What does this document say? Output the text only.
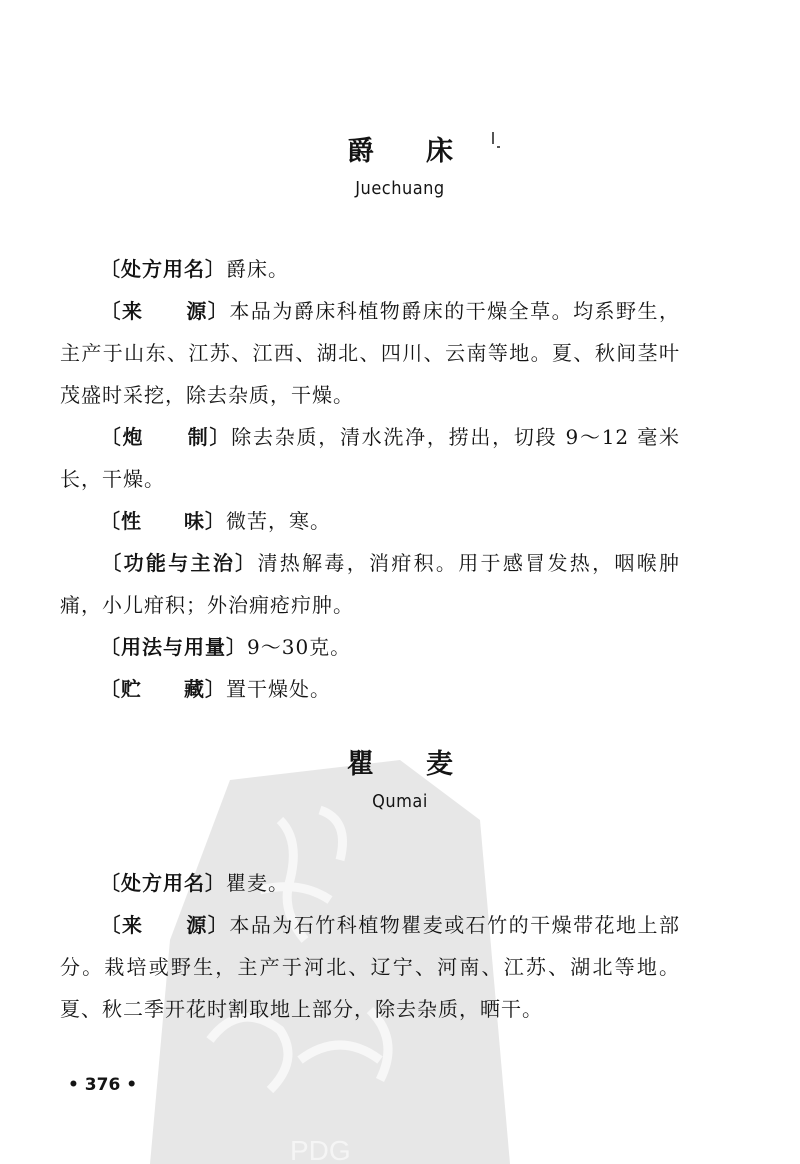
PDG
爵床
Juechuang
〔处方用名〕爵床。
〔来　　源〕本品为爵床科植物爵床的干燥全草。均系野生，主产于山东、江苏、江西、湖北、四川、云南等地。夏、秋间茎叶茂盛时采挖，除去杂质，干燥。
〔炮　　制〕除去杂质，清水洗净，捞出，切段 9～12 毫米长，干燥。
〔性　　味〕微苦，寒。
〔功能与主治〕清热解毒，消疳积。用于感冒发热，咽喉肿痛，小儿疳积；外治痈疮疖肿。
〔用法与用量〕9～30克。
〔贮　　藏〕置干燥处。
瞿麦
Qumai
〔处方用名〕瞿麦。
〔来　　源〕本品为石竹科植物瞿麦或石竹的干燥带花地上部分。栽培或野生，主产于河北、辽宁、河南、江苏、湖北等地。夏、秋二季开花时割取地上部分，除去杂质，晒干。
• 376 •
